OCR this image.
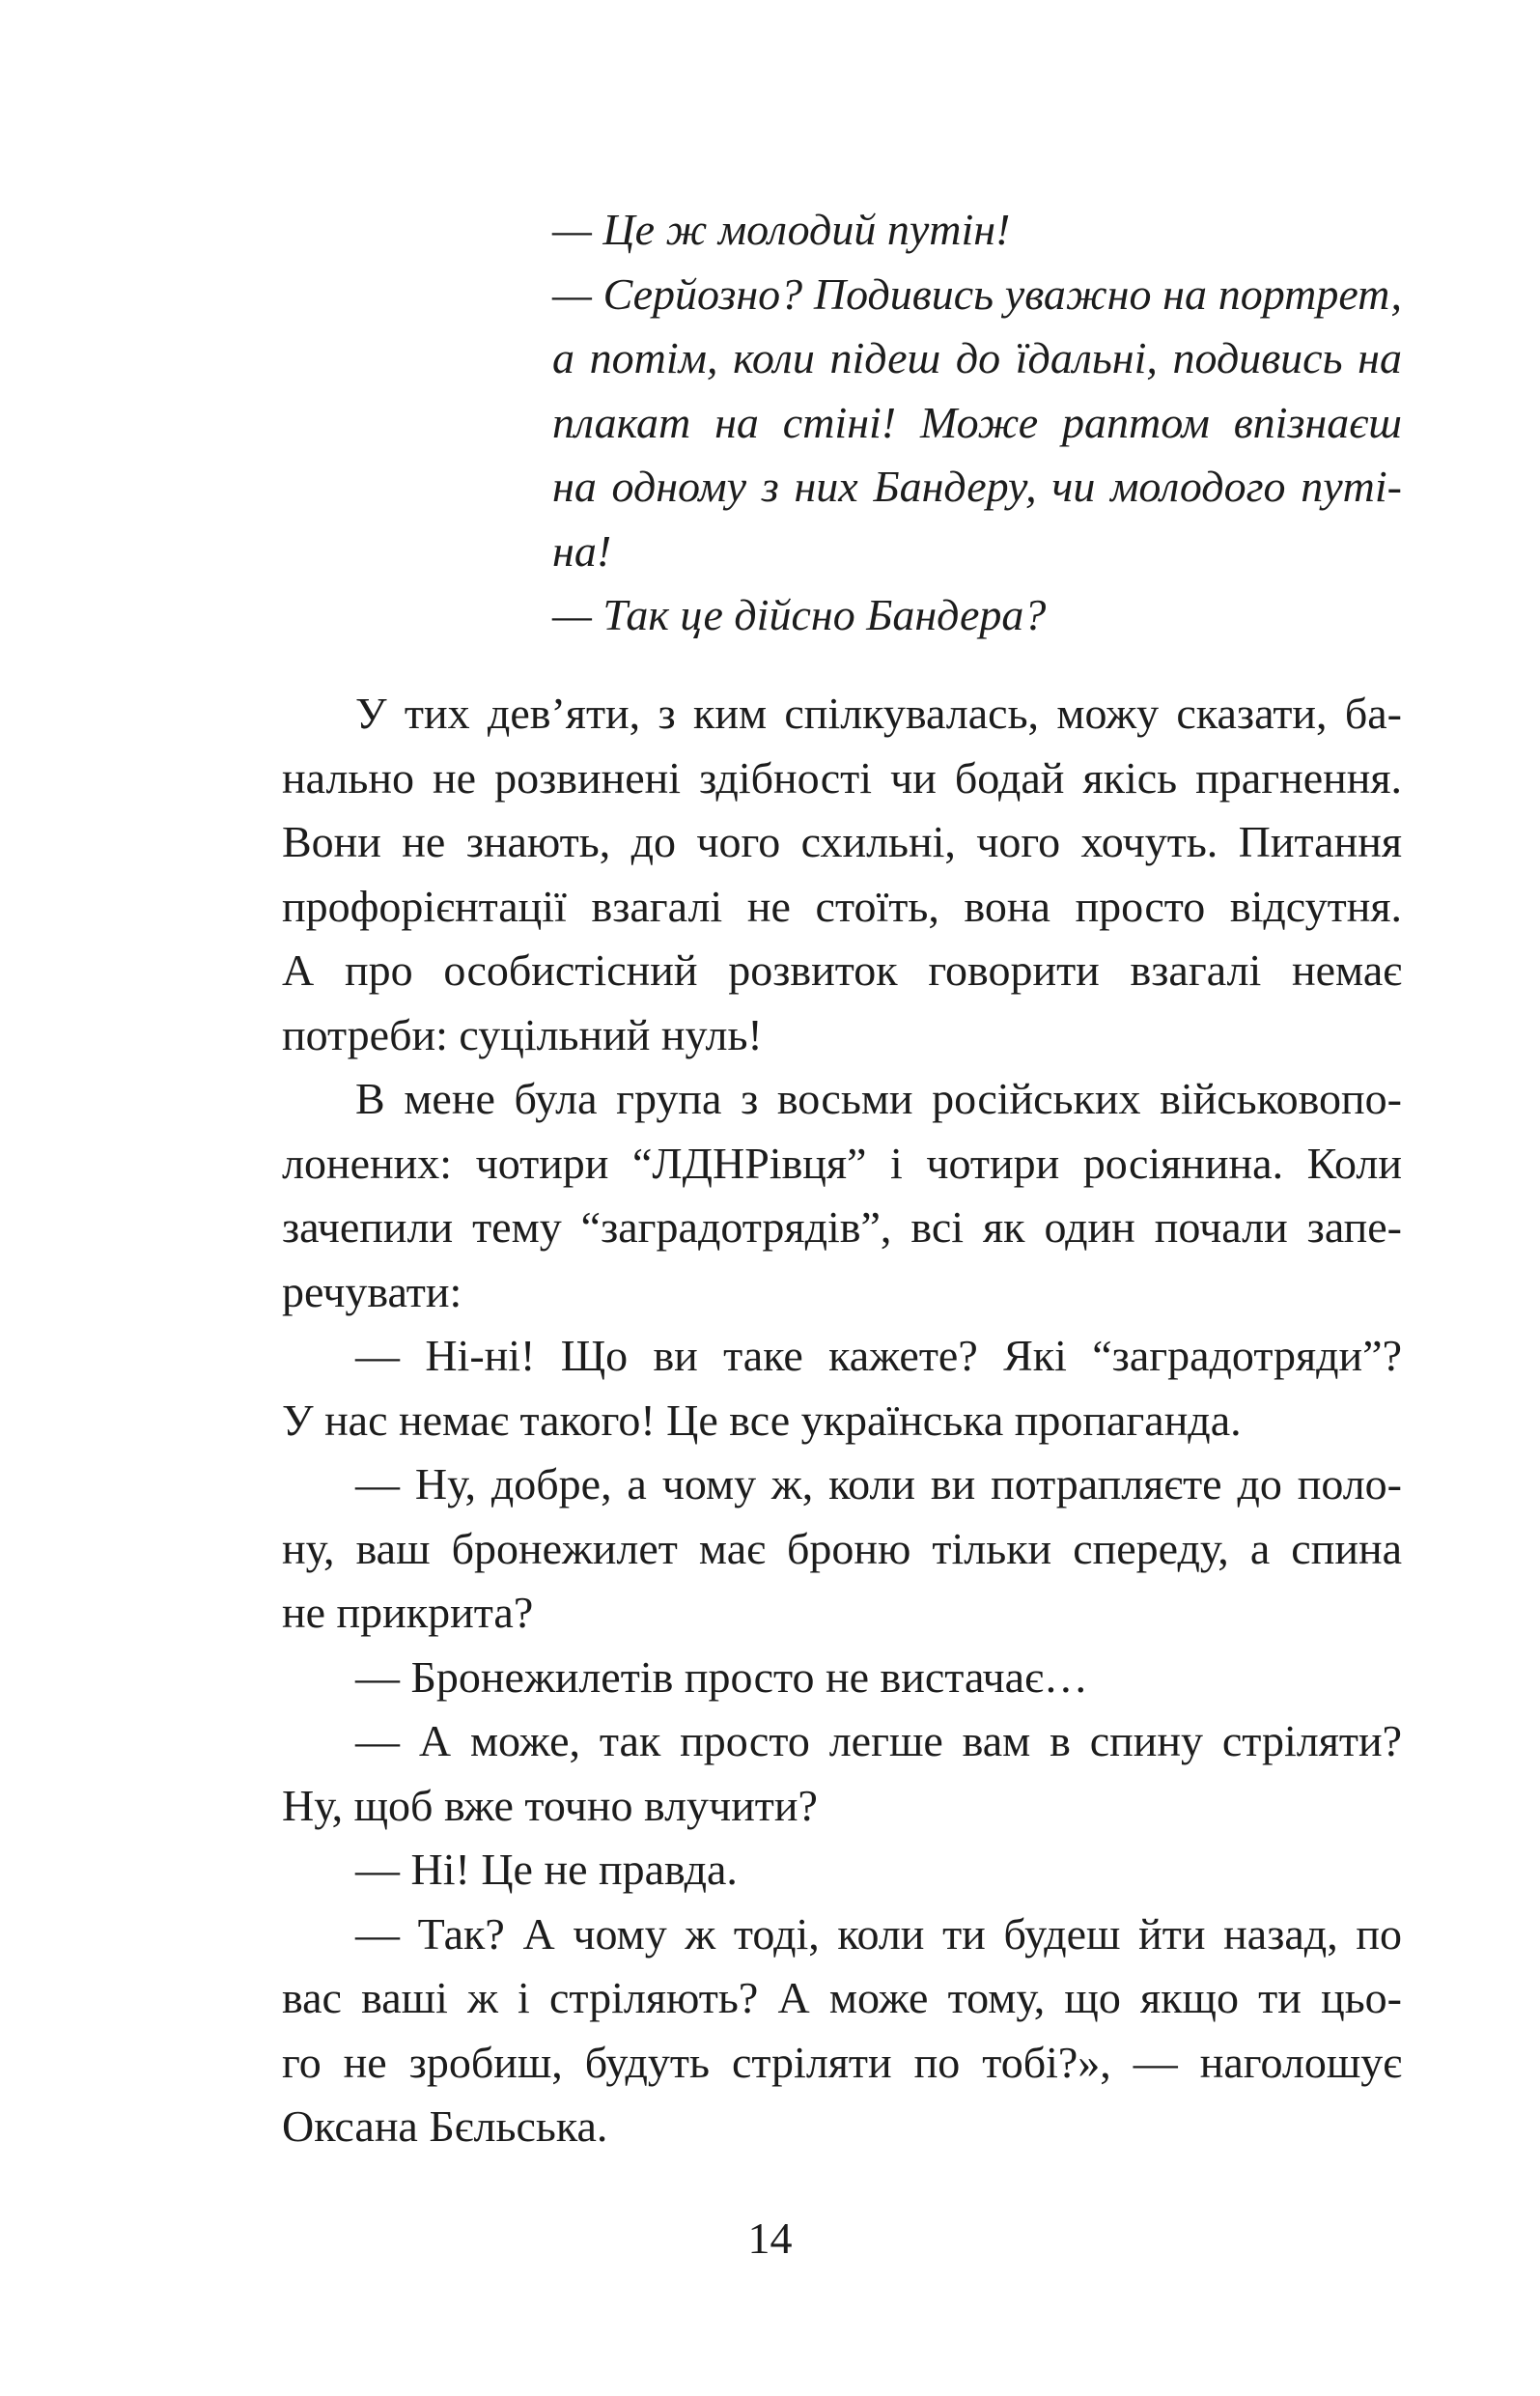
— Це ж молодий путін!
— Серйозно? Подивись уважно на портрет,
а потім, коли підеш до їдальні, подивись на
плакат на стіні! Може раптом впізнаєш
на одному з них Бандеру, чи молодого путі-
на!
— Так це дійсно Бандера?
У тих дев’яти, з ким спілкувалась, можу сказати, ба-
нально не розвинені здібності чи бодай якісь прагнення.
Вони не знають, до чого схильні, чого хочуть. Питання
профорієнтації взагалі не стоїть, вона просто відсутня.
А про особистісний розвиток говорити взагалі немає
потреби: суцільний нуль!
В мене була група з восьми російських військовопо-
лонених: чотири “ЛДНРівця” і чотири росіянина. Коли
зачепили тему “заградотрядів”, всі як один почали запе-
речувати:
— Ні-ні! Що ви таке кажете? Які “заградотряди”?
У нас немає такого! Це все українська пропаганда.
— Ну, добре, а чому ж, коли ви потрапляєте до поло-
ну, ваш бронежилет має броню тільки спереду, а спина
не прикрита?
— Бронежилетів просто не вистачає…
— А може, так просто легше вам в спину стріляти?
Ну, щоб вже точно влучити?
— Ні! Це не правда.
— Так? А чому ж тоді, коли ти будеш йти назад, по
вас ваші ж і стріляють? А може тому, що якщо ти цьо-
го не зробиш, будуть стріляти по тобі?», — наголошує
Оксана Бєльська.
14
